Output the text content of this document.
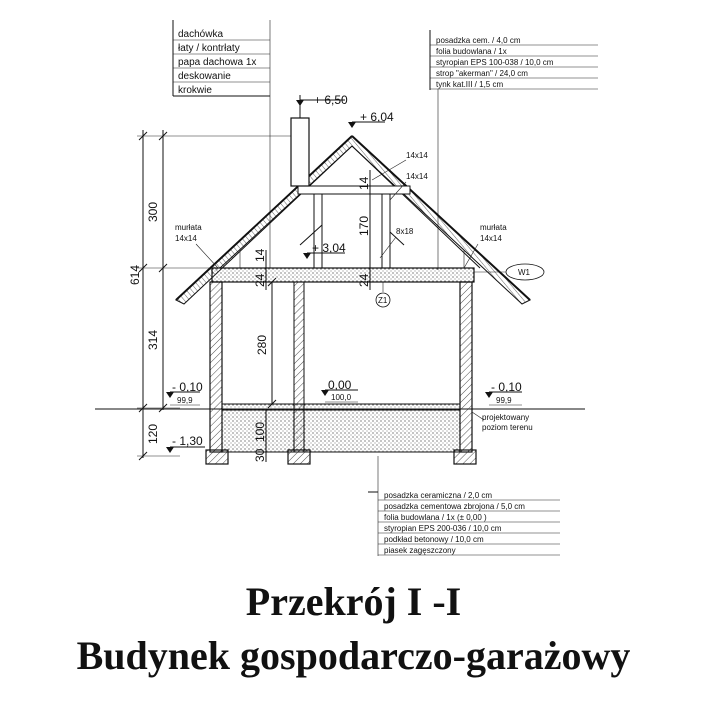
dachówka
łaty / kontrłaty
papa dachowa 1x
deskowanie
krokwie
posadzka cem. / 4,0 cm
folia budowlana / 1x
styropian EPS 100-038 / 10,0 cm
strop "akerman" / 24,0 cm
tynk kat.III / 1,5 cm
614
300
314
120
280
24
14
14
170
24
100
30
+ 6,50
+ 6,04
+ 3,04
0,00
100,0
- 0,10
99,9
- 0,10
99,9
- 1,30
murłata
14x14
murłata
14x14
14x14
14x14
8x18
W1
Z1
projektowany
poziom terenu
posadzka ceramiczna / 2,0 cm
posadzka cementowa zbrojona / 5,0 cm
folia budowlana / 1x (± 0,00 )
styropian EPS 200-036 / 10,0 cm
podkład betonowy / 10,0 cm
piasek zagęszczony
Przekrój I -I
Budynek gospodarczo-garażowy
